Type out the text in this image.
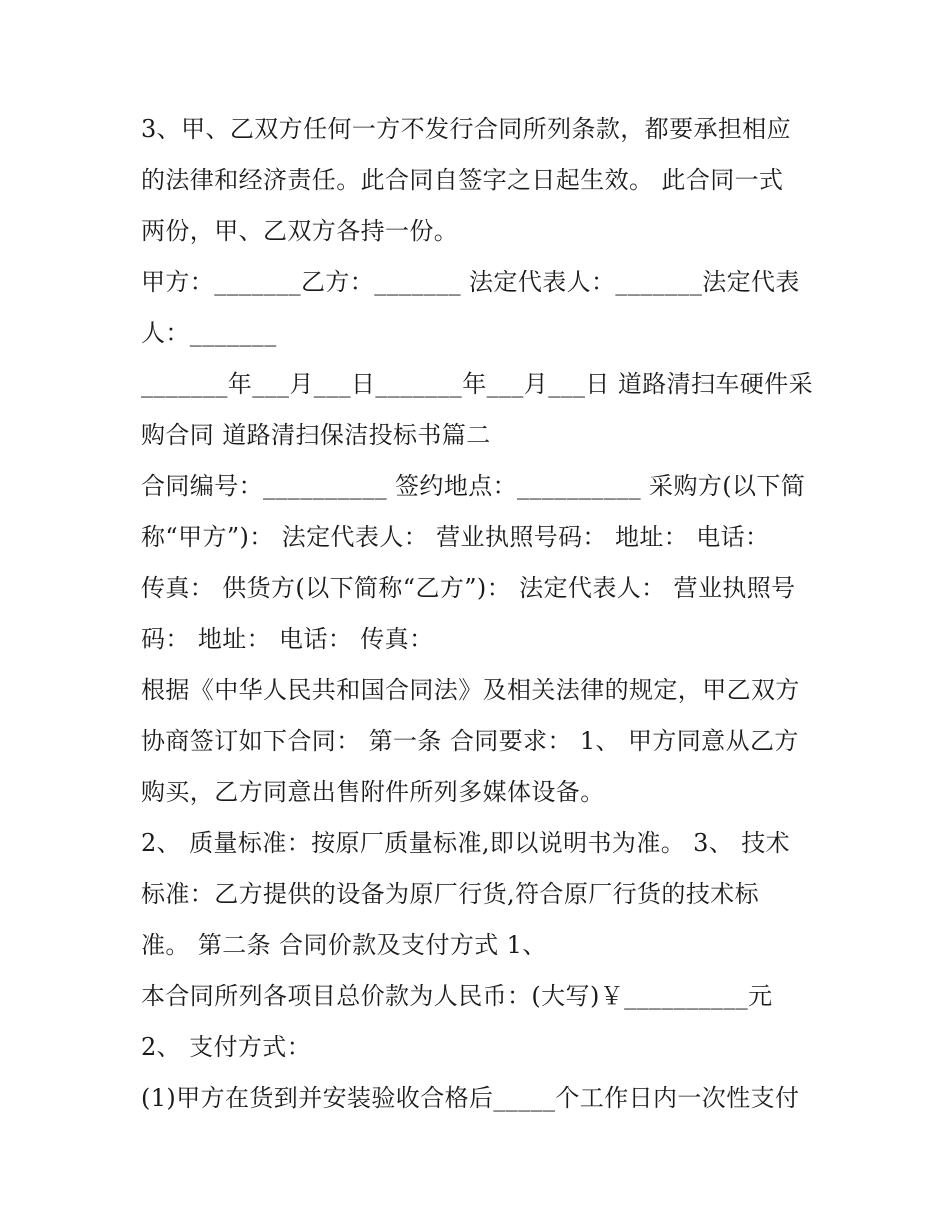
3、甲、乙双方任何一方不发行合同所列条款，都要承担相应
的法律和经济责任。此合同自签字之日起生效。 此合同一式
两份，甲、乙双方各持一份。
甲方：_______乙方：_______ 法定代表人：_______法定代表
人：_______
_______年___月___日_______年___月___日 道路清扫车硬件采
购合同 道路清扫保洁投标书篇二
合同编号：__________ 签约地点：__________ 采购方(以下简
称“甲方”)： 法定代表人： 营业执照号码： 地址： 电话：
传真： 供货方(以下简称“乙方”)： 法定代表人： 营业执照号
码： 地址： 电话： 传真：
根据《中华人民共和国合同法》及相关法律的规定，甲乙双方
协商签订如下合同： 第一条 合同要求： 1、 甲方同意从乙方
购买，乙方同意出售附件所列多媒体设备。
2、 质量标准：按原厂质量标准,即以说明书为准。 3、 技术
标准：乙方提供的设备为原厂行货,符合原厂行货的技术标
准。 第二条 合同价款及支付方式 1、
本合同所列各项目总价款为人民币：(大写)￥__________元
2、 支付方式：
(1)甲方在货到并安装验收合格后_____个工作日内一次性支付
